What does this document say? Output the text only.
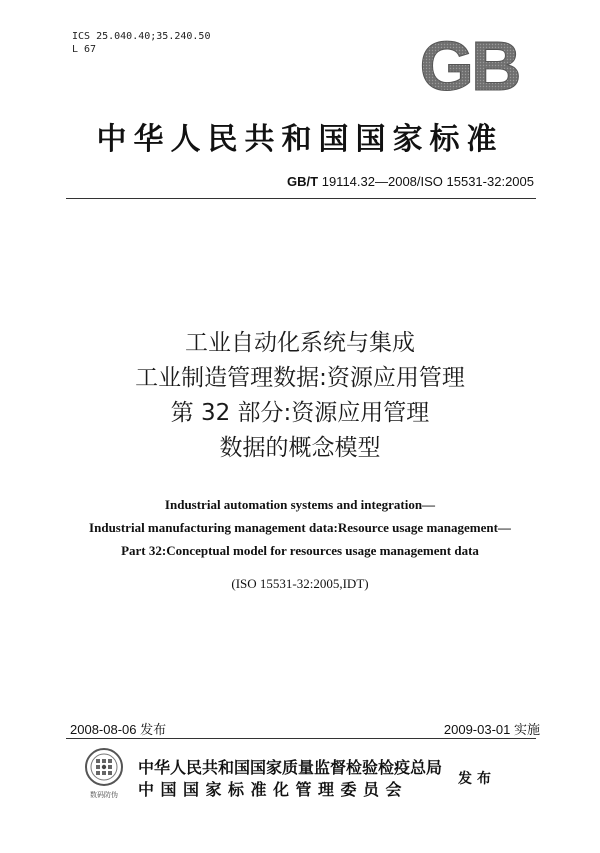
ICS 25.040.40;35.240.50
L 67	GB
中华人民共和国国家标准
GB/T 19114.32—2008/ISO 15531-32:2005
工业自动化系统与集成
工业制造管理数据:资源应用管理
第 32 部分:资源应用管理
数据的概念模型
Industrial automation systems and integration—
Industrial manufacturing management data:Resource usage management—
Part 32:Conceptual model for resources usage management data
(ISO 15531-32:2005,IDT)
2008-08-06 发布	2009-03-01 实施
数码防伪
中华人民共和国国家质量监督检验检疫总局
中国国家标准化管理委员会
发布
